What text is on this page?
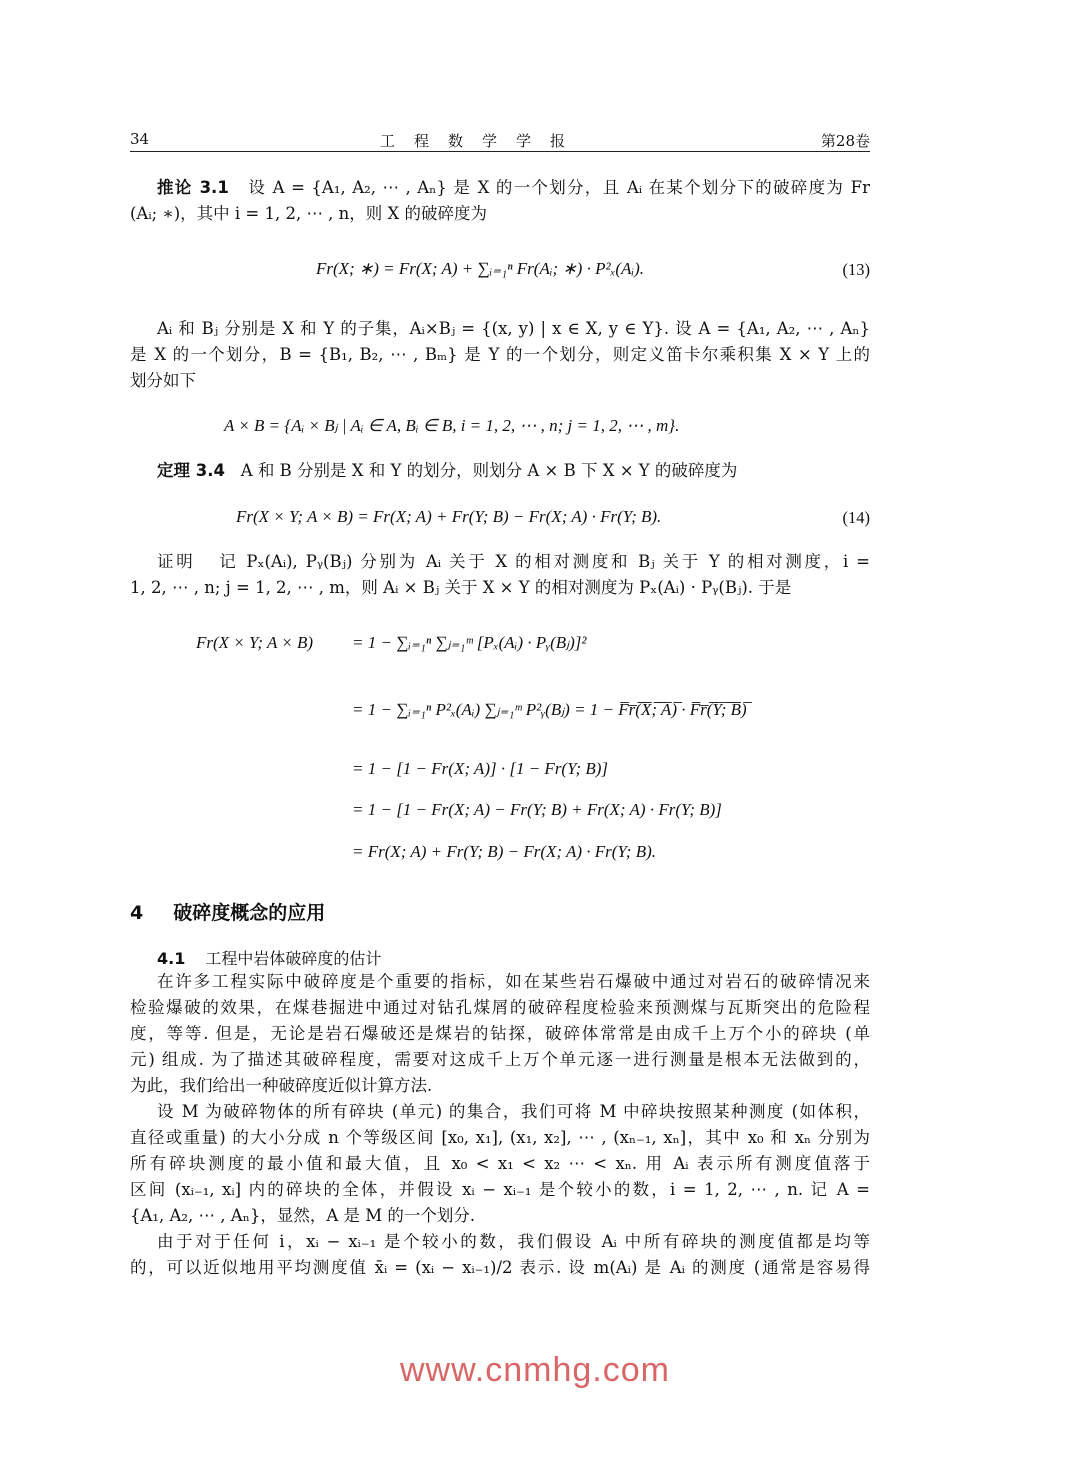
34	工　程　数　学　学　报	第28卷
推论 3.1 设 A = {A₁, A₂, ⋯ , Aₙ} 是 X 的一个划分，且 Aᵢ 在某个划分下的破碎度为 Fr
(Aᵢ; ∗)，其中 i = 1, 2, ⋯ , n，则 X 的破碎度为
Fr(X; ∗) = Fr(X; A) + ∑ᵢ₌₁ⁿ Fr(Aᵢ; ∗) · P²ₓ(Aᵢ).	(13)
Aᵢ 和 Bⱼ 分别是 X 和 Y 的子集，Aᵢ×Bⱼ = {(x, y) | x ∈ X, y ∈ Y}. 设 A = {A₁, A₂, ⋯ , Aₙ}
是 X 的一个划分，B = {B₁, B₂, ⋯ , Bₘ} 是 Y 的一个划分，则定义笛卡尔乘积集 X × Y 上的
划分如下
A × B = {Aᵢ × Bⱼ | Aᵢ ∈ A, Bᵢ ∈ B, i = 1, 2, ⋯ , n; j = 1, 2, ⋯ , m}.
定理 3.4 A 和 B 分别是 X 和 Y 的划分，则划分 A × B 下 X × Y 的破碎度为
Fr(X × Y; A × B) = Fr(X; A) + Fr(Y; B) − Fr(X; A) · Fr(Y; B).	(14)
证明 记 Pₓ(Aᵢ), Pᵧ(Bⱼ) 分别为 Aᵢ 关于 X 的相对测度和 Bⱼ 关于 Y 的相对测度，i =
1, 2, ⋯ , n; j = 1, 2, ⋯ , m，则 Aᵢ × Bⱼ 关于 X × Y 的相对测度为 Pₓ(Aᵢ) · Pᵧ(Bⱼ). 于是
Fr(X × Y; A × B) = 1 − ∑ᵢ₌₁ⁿ ∑ⱼ₌₁ᵐ [Pₓ(Aᵢ) · Pᵧ(Bⱼ)]²
= 1 − ∑ᵢ₌₁ⁿ P²ₓ(Aᵢ) ∑ⱼ₌₁ᵐ P²ᵧ(Bⱼ) = 1 − F̅r̅(̅X̅;̅ ̅A̅)̅ · F̅r̅(̅Y̅;̅ ̅B̅)̅
= 1 − [1 − Fr(X; A)] · [1 − Fr(Y; B)]
= 1 − [1 − Fr(X; A) − Fr(Y; B) + Fr(X; A) · Fr(Y; B)]
= Fr(X; A) + Fr(Y; B) − Fr(X; A) · Fr(Y; B).
4 破碎度概念的应用
4.1 工程中岩体破碎度的估计
在许多工程实际中破碎度是个重要的指标，如在某些岩石爆破中通过对岩石的破碎情况来
检验爆破的效果，在煤巷掘进中通过对钻孔煤屑的破碎程度检验来预测煤与瓦斯突出的危险程
度，等等. 但是，无论是岩石爆破还是煤岩的钻探，破碎体常常是由成千上万个小的碎块 (单
元) 组成. 为了描述其破碎程度，需要对这成千上万个单元逐一进行测量是根本无法做到的，
为此，我们给出一种破碎度近似计算方法.
设 M 为破碎物体的所有碎块 (单元) 的集合，我们可将 M 中碎块按照某种测度 (如体积，
直径或重量) 的大小分成 n 个等级区间 [x₀, x₁], (x₁, x₂], ⋯ , (xₙ₋₁, xₙ]，其中 x₀ 和 xₙ 分别为
所有碎块测度的最小值和最大值，且 x₀ < x₁ < x₂ ⋯ < xₙ. 用 Aᵢ 表示所有测度值落于
区间 (xᵢ₋₁, xᵢ] 内的碎块的全体，并假设 xᵢ − xᵢ₋₁ 是个较小的数，i = 1, 2, ⋯ , n. 记 A =
{A₁, A₂, ⋯ , Aₙ}，显然，A 是 M 的一个划分.
由于对于任何 i，xᵢ − xᵢ₋₁ 是个较小的数，我们假设 Aᵢ 中所有碎块的测度值都是均等
的，可以近似地用平均测度值 x̄ᵢ = (xᵢ − xᵢ₋₁)/2 表示. 设 m(Aᵢ) 是 Aᵢ 的测度 (通常是容易得
www.cnmhg.com
